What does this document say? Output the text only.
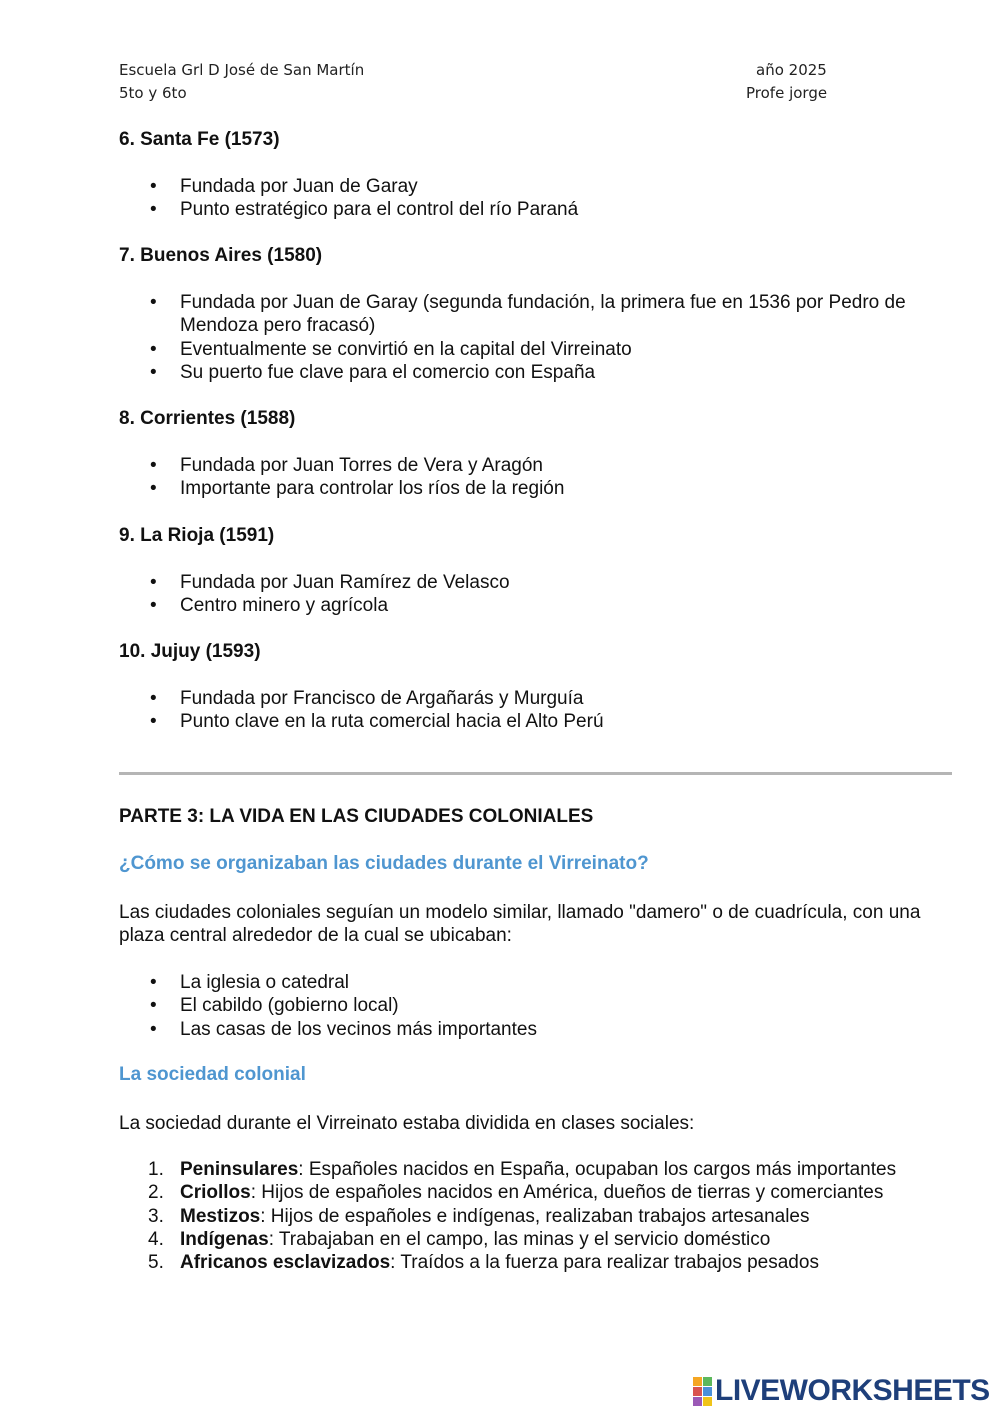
Escuela Grl D José de San Martín	año 2025
5to y 6to	Profe jorge
6. Santa Fe (1573)
• Fundada por Juan de Garay
• Punto estratégico para el control del río Paraná
7. Buenos Aires (1580)
• Fundada por Juan de Garay (segunda fundación, la primera fue en 1536 por Pedro de Mendoza pero fracasó)
• Eventualmente se convirtió en la capital del Virreinato
• Su puerto fue clave para el comercio con España
8. Corrientes (1588)
• Fundada por Juan Torres de Vera y Aragón
• Importante para controlar los ríos de la región
9. La Rioja (1591)
• Fundada por Juan Ramírez de Velasco
• Centro minero y agrícola
10. Jujuy (1593)
• Fundada por Francisco de Argañarás y Murguía
• Punto clave en la ruta comercial hacia el Alto Perú
PARTE 3: LA VIDA EN LAS CIUDADES COLONIALES
¿Cómo se organizaban las ciudades durante el Virreinato?
Las ciudades coloniales seguían un modelo similar, llamado "damero" o de cuadrícula, con una plaza central alrededor de la cual se ubicaban:
• La iglesia o catedral
• El cabildo (gobierno local)
• Las casas de los vecinos más importantes
La sociedad colonial
La sociedad durante el Virreinato estaba dividida en clases sociales:
1. Peninsulares: Españoles nacidos en España, ocupaban los cargos más importantes
2. Criollos: Hijos de españoles nacidos en América, dueños de tierras y comerciantes
3. Mestizos: Hijos de españoles e indígenas, realizaban trabajos artesanales
4. Indígenas: Trabajaban en el campo, las minas y el servicio doméstico
5. Africanos esclavizados: Traídos a la fuerza para realizar trabajos pesados
LIVEWORKSHEETS
